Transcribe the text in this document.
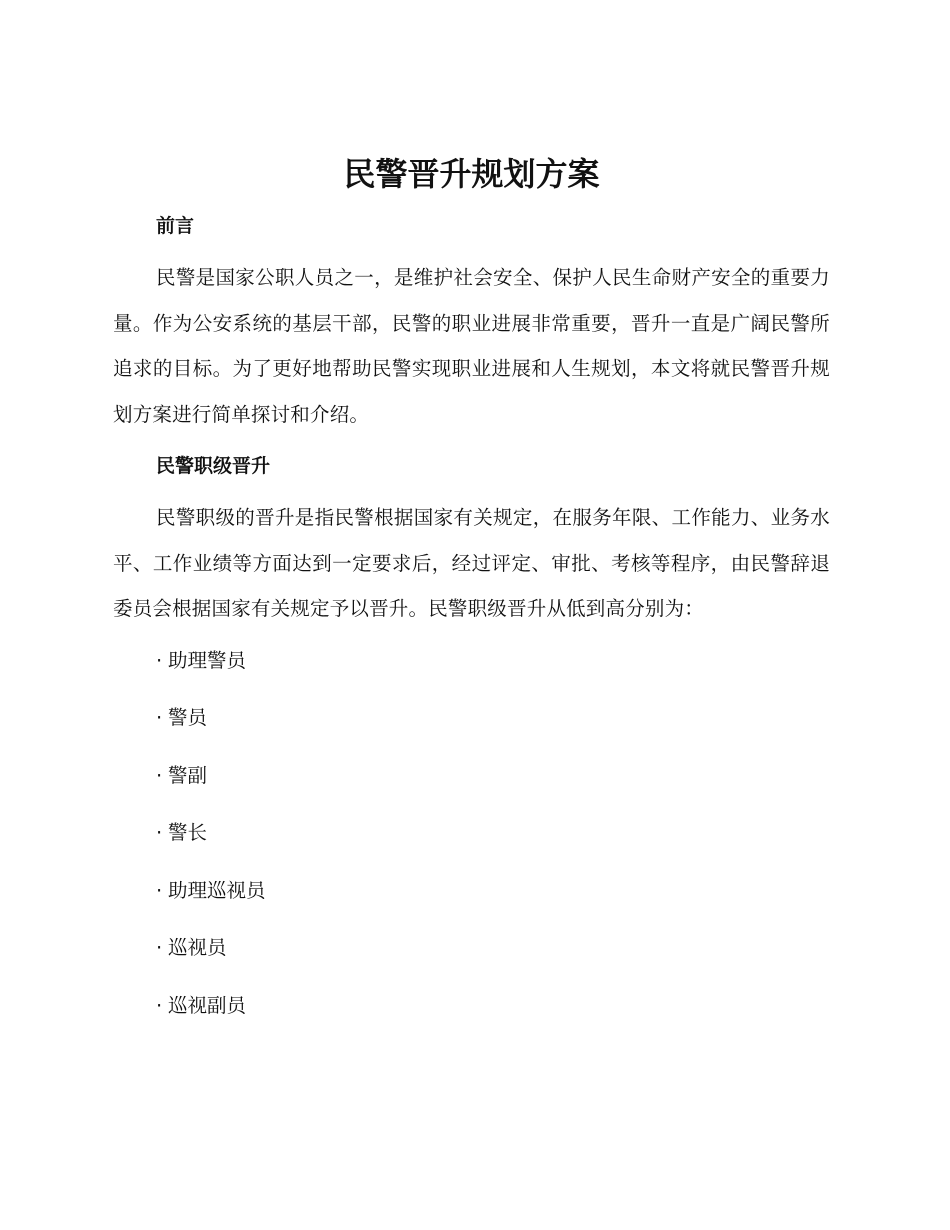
民警晋升规划方案
前言

民警是国家公职人员之一，是维护社会安全、保护人民生命财产安全的重要力量。作为公安系统的基层干部，民警的职业进展非常重要，晋升一直是广阔民警所追求的目标。为了更好地帮助民警实现职业进展和人生规划，本文将就民警晋升规划方案进行简单探讨和介绍。

民警职级晋升

民警职级的晋升是指民警根据国家有关规定，在服务年限、工作能力、业务水平、工作业绩等方面达到一定要求后，经过评定、审批、考核等程序，由民警辞退委员会根据国家有关规定予以晋升。民警职级晋升从低到高分别为：

· 助理警员
· 警员
· 警副
· 警长
· 助理巡视员
· 巡视员
· 巡视副员
